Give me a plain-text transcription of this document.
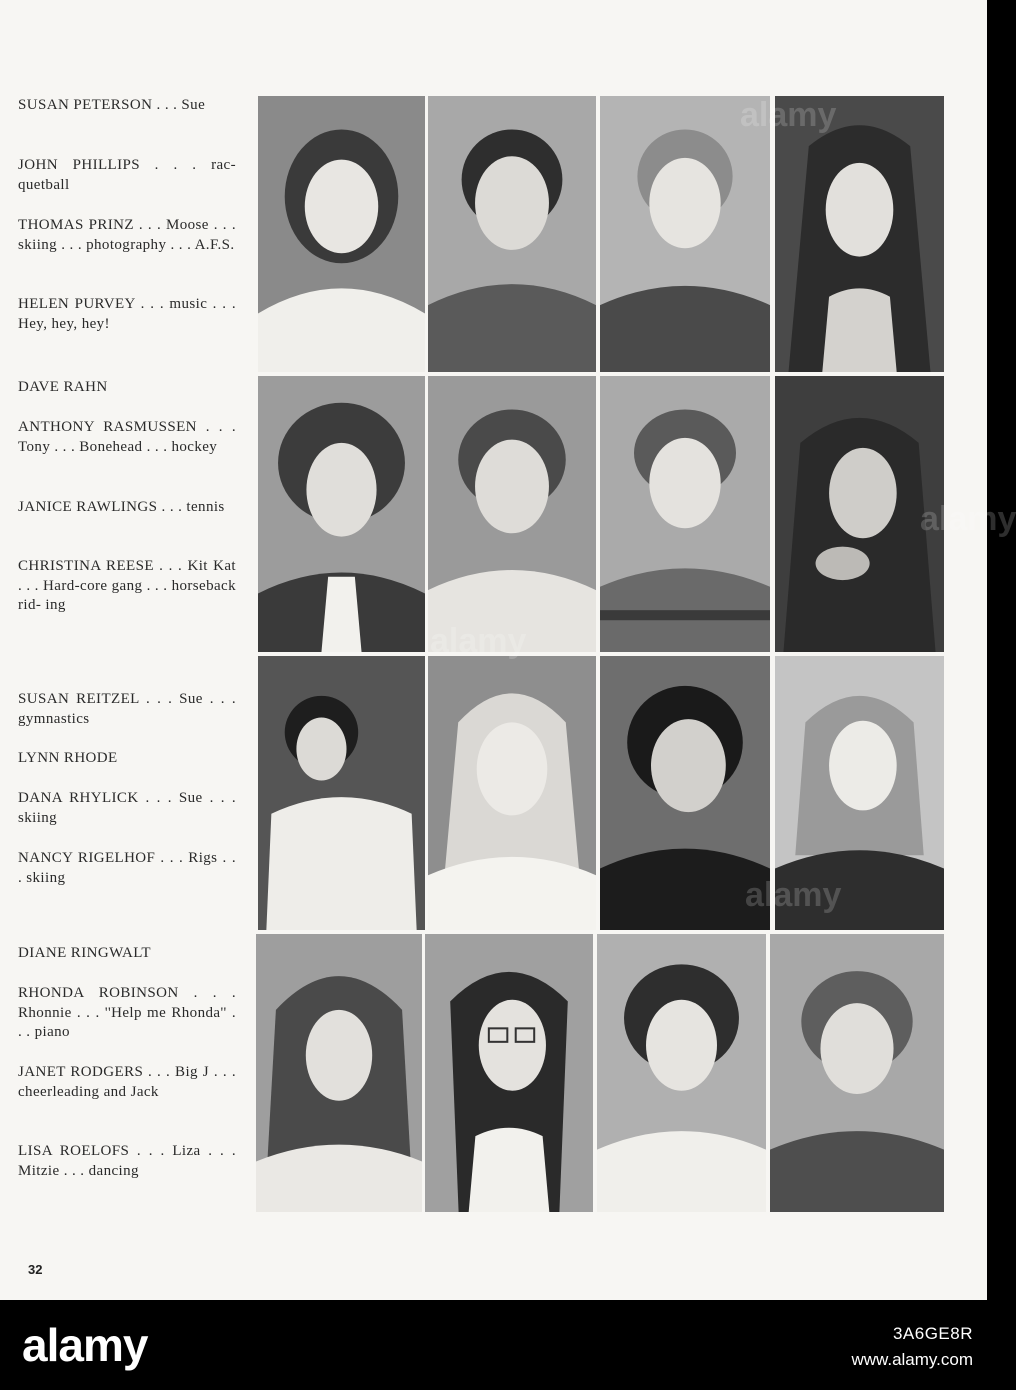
SUSAN PETERSON . . . Sue
JOHN PHILLIPS . . . rac- quetball
THOMAS PRINZ . . . Moose . . . skiing . . . photography . . . A.F.S.
HELEN PURVEY . . . music . . . Hey, hey, hey!
DAVE RAHN
ANTHONY RASMUSSEN . . . Tony . . . Bonehead . . . hockey
JANICE RAWLINGS . . . tennis
CHRISTINA REESE . . . Kit Kat . . . Hard-core gang . . . horseback rid- ing
SUSAN REITZEL . . . Sue . . . gymnastics
LYNN RHODE
DANA RHYLICK . . . Sue . . . skiing
NANCY RIGELHOF . . . Rigs . . . skiing
DIANE RINGWALT
RHONDA ROBINSON . . . Rhonnie . . . ''Help me Rhonda'' . . . piano
JANET RODGERS . . . Big J . . . cheerleading and Jack
LISA ROELOFS . . . Liza . . . Mitzie . . . dancing
alamy
32
alamy	3A6GE8R
www.alamy.com
